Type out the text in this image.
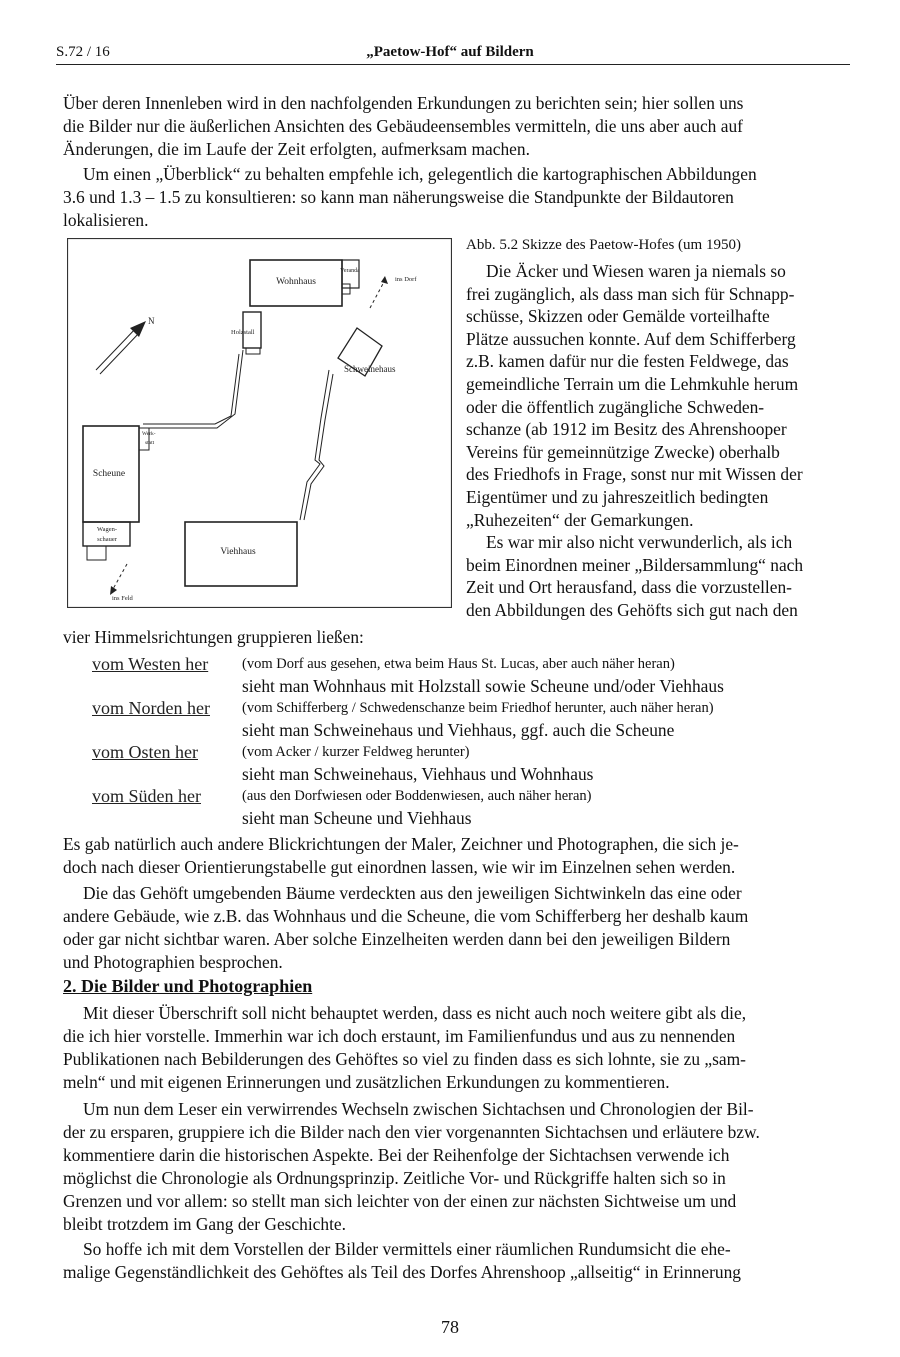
S.72 / 16	„Paetow-Hof“ auf Bildern
Über deren Innenleben wird in den nachfolgenden Erkundungen zu berichten sein; hier sollen uns
die Bilder nur die äußerlichen Ansichten des Gebäudeensembles vermitteln, die uns aber auch auf
Änderungen, die im Laufe der Zeit erfolgten, aufmerksam machen.
Um einen „Überblick“ zu behalten empfehle ich, gelegentlich die kartographischen Abbildungen
3.6 und 1.3 – 1.5 zu konsultieren: so kann man näherungsweise die Standpunkte der Bildautoren
lokalisieren.
Wohnhaus
Veranda
ins Dorf
Holzstall
N
Schweinehaus
Werk-
statt
Scheune
Wagen-
schauer
ins Feld
Viehhaus
Abb. 5.2 Skizze des Paetow-Hofes (um 1950)
Die Äcker und Wiesen waren ja niemals so
frei zugänglich, als dass man sich für Schnapp-
schüsse, Skizzen oder Gemälde vorteilhafte
Plätze aussuchen konnte. Auf dem Schifferberg
z.B. kamen dafür nur die festen Feldwege, das
gemeindliche Terrain um die Lehmkuhle herum
oder die öffentlich zugängliche Schweden-
schanze (ab 1912 im Besitz des Ahrenshooper
Vereins für gemeinnützige Zwecke) oberhalb
des Friedhofs in Frage, sonst nur mit Wissen der
Eigentümer und zu jahreszeitlich bedingten
„Ruhezeiten“ der Gemarkungen.
Es war mir also nicht verwunderlich, als ich
beim Einordnen meiner „Bildersammlung“ nach
Zeit und Ort herausfand, dass die vorzustellen-
den Abbildungen des Gehöfts sich gut nach den
vier Himmelsrichtungen gruppieren ließen:
vom Westen her (vom Dorf aus gesehen, etwa beim Haus St. Lucas, aber auch näher heran)
sieht man Wohnhaus mit Holzstall sowie Scheune und/oder Viehhaus
vom Norden her (vom Schifferberg / Schwedenschanze beim Friedhof herunter, auch näher heran)
sieht man Schweinehaus und Viehhaus, ggf. auch die Scheune
vom Osten her	(vom Acker / kurzer Feldweg herunter)
sieht man Schweinehaus, Viehhaus und Wohnhaus
vom Süden her	(aus den Dorfwiesen oder Boddenwiesen, auch näher heran)
sieht man Scheune und Viehhaus
Es gab natürlich auch andere Blickrichtungen der Maler, Zeichner und Photographen, die sich je-
doch nach dieser Orientierungstabelle gut einordnen lassen, wie wir im Einzelnen sehen werden.
Die das Gehöft umgebenden Bäume verdeckten aus den jeweiligen Sichtwinkeln das eine oder
andere Gebäude, wie z.B. das Wohnhaus und die Scheune, die vom Schifferberg her deshalb kaum
oder gar nicht sichtbar waren. Aber solche Einzelheiten werden dann bei den jeweiligen Bildern
und Photographien besprochen.
2. Die Bilder und Photographien
Mit dieser Überschrift soll nicht behauptet werden, dass es nicht auch noch weitere gibt als die,
die ich hier vorstelle. Immerhin war ich doch erstaunt, im Familienfundus und aus zu nennenden
Publikationen nach Bebilderungen des Gehöftes so viel zu finden dass es sich lohnte, sie zu „sam-
meln“ und mit eigenen Erinnerungen und zusätzlichen Erkundungen zu kommentieren.
Um nun dem Leser ein verwirrendes Wechseln zwischen Sichtachsen und Chronologien der Bil-
der zu ersparen, gruppiere ich die Bilder nach den vier vorgenannten Sichtachsen und erläutere bzw.
kommentiere darin die historischen Aspekte. Bei der Reihenfolge der Sichtachsen verwende ich
möglichst die Chronologie als Ordnungsprinzip. Zeitliche Vor- und Rückgriffe halten sich so in
Grenzen und vor allem: so stellt man sich leichter von der einen zur nächsten Sichtweise um und
bleibt trotzdem im Gang der Geschichte.
So hoffe ich mit dem Vorstellen der Bilder vermittels einer räumlichen Rundumsicht die ehe-
malige Gegenständlichkeit des Gehöftes als Teil des Dorfes Ahrenshoop „allseitig“ in Erinnerung
78
